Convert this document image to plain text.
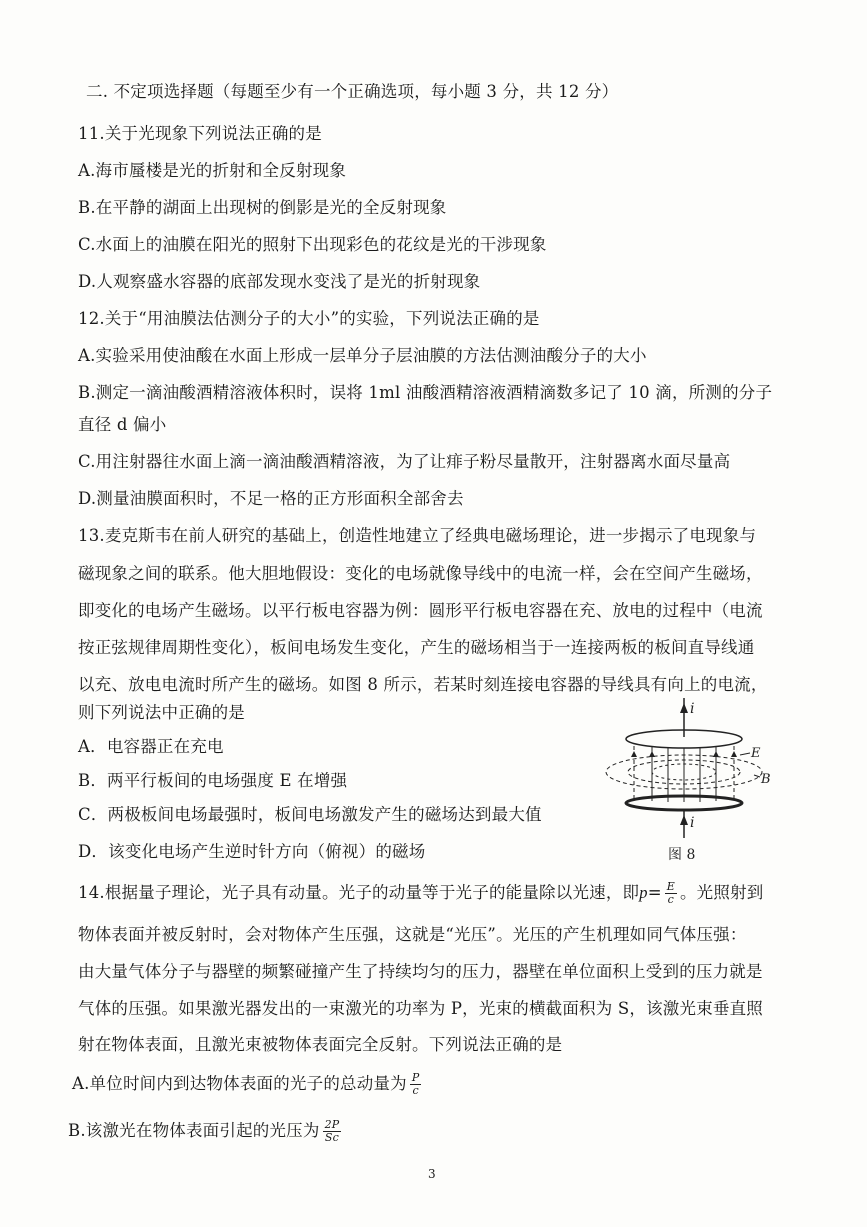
二. 不定项选择题（每题至少有一个正确选项，每小题 3 分，共 12 分）
11.关于光现象下列说法正确的是
A.海市蜃楼是光的折射和全反射现象
B.在平静的湖面上出现树的倒影是光的全反射现象
C.水面上的油膜在阳光的照射下出现彩色的花纹是光的干涉现象
D.人观察盛水容器的底部发现水变浅了是光的折射现象
12.关于“用油膜法估测分子的大小”的实验，下列说法正确的是
A.实验采用使油酸在水面上形成一层单分子层油膜的方法估测油酸分子的大小
B.测定一滴油酸酒精溶液体积时，误将 1ml 油酸酒精溶液酒精滴数多记了 10 滴，所测的分子
直径 d 偏小
C.用注射器往水面上滴一滴油酸酒精溶液，为了让痱子粉尽量散开，注射器离水面尽量高
D.测量油膜面积时，不足一格的正方形面积全部舍去
13.麦克斯韦在前人研究的基础上，创造性地建立了经典电磁场理论，进一步揭示了电现象与
磁现象之间的联系。他大胆地假设：变化的电场就像导线中的电流一样，会在空间产生磁场，
即变化的电场产生磁场。以平行板电容器为例：圆形平行板电容器在充、放电的过程中（电流
按正弦规律周期性变化），板间电场发生变化，产生的磁场相当于一连接两板的板间直导线通
以充、放电电流时所产生的磁场。如图 8 所示，若某时刻连接电容器的导线具有向上的电流，
则下列说法中正确的是
A．电容器正在充电
B．两平行板间的电场强度 E 在增强
C．两极板间电场最强时，板间电场激发产生的磁场达到最大值
D．该变化电场产生逆时针方向（俯视）的磁场
i
E
B
i
图 8
14.根据量子理论，光子具有动量。光子的动量等于光子的能量除以光速，即$p= \frac{E}{c}$ 。光照射到
物体表面并被反射时，会对物体产生压强，这就是“光压”。光压的产生机理如同气体压强：
由大量气体分子与器壁的频繁碰撞产生了持续均匀的压力，器壁在单位面积上受到的压力就是
气体的压强。如果激光器发出的一束激光的功率为 P，光束的横截面积为 S，该激光束垂直照
射在物体表面，且激光束被物体表面完全反射。下列说法正确的是
A.单位时间内到达物体表面的光子的总动量为 $\frac{P}{c}$
B.该激光在物体表面引起的光压为 $\frac{2P}{Sc}$
3
